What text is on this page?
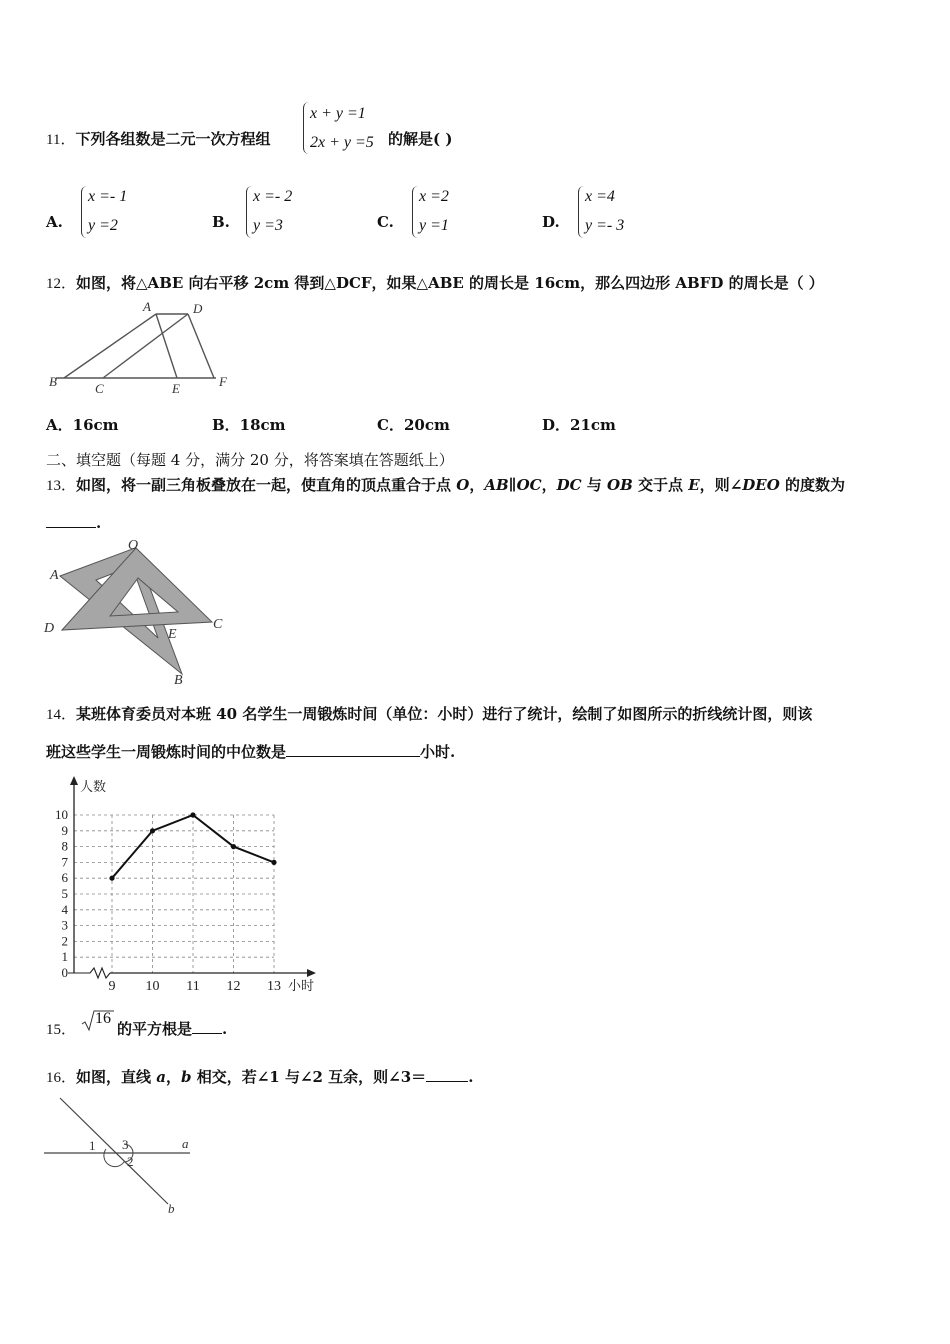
11．下列各组数是二元一次方程组
x + y =1
2x + y =5 的解是( )
A.
x =- 1
y =2	B.
x =- 2
y =3	C.
x =2
y =1	D.
x =4
y =- 3
12．如图，将△ABE 向右平移 2cm 得到△DCF，如果△ABE 的周长是 16cm，那么四边形 ABFD 的周长是（ ）
A	D
B	C	E	F
A．16cm	B．18cm	C．20cm	D．21cm
二、填空题（每题 4 分，满分 20 分，将答案填在答题纸上）
13．如图，将一副三角板叠放在一起，使直角的顶点重合于点 O，AB∥OC，DC 与 OB 交于点 E，则∠DEO 的度数为
.
O
A
D	C
E
B
14．某班体育委员对本班 40 名学生一周锻炼时间（单位：小时）进行了统计，绘制了如图所示的折线统计图，则该
班这些学生一周锻炼时间的中位数是	小时.
人数
小时
0
1
2
3
4
5
6
7
8
9
10
9 10 11 12 13
15．
16
的平方根是 .
16．如图，直线 a，b 相交，若∠1 与∠2 互余，则∠3＝	.
1 3
2
a
b
